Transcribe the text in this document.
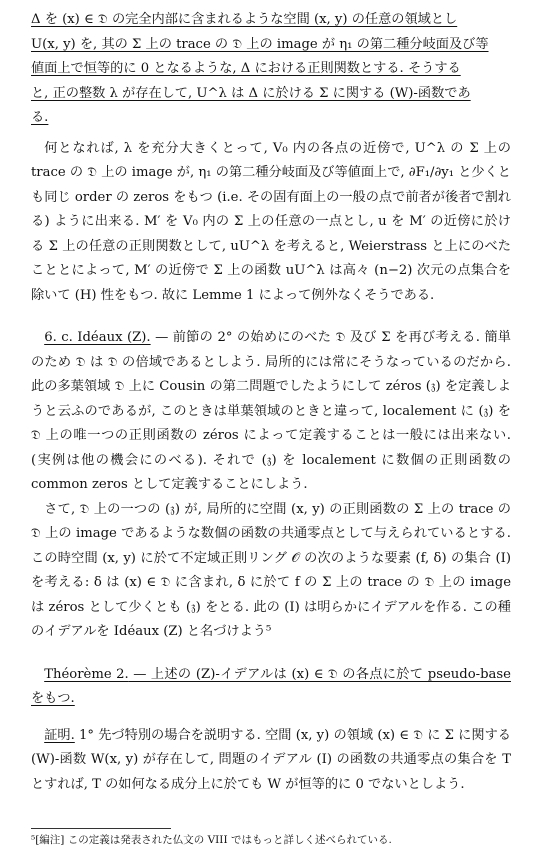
Δ を (x) ∈ 𝔇 の完全内部に含まれるような空間 (x, y) の任意の領域とし

U(x, y) を, 其の Σ 上の trace の 𝔇 上の image が η₁ の第二種分岐面及び等

値面上で恒等的に 0 となるような, Δ における正則関数とする. そうする

と, 正の整数 λ が存在して, U^λ は Δ に於ける Σ に関する (W)-函数であ

る.

何となれば, λ を充分大きくとって, V₀ 内の各点の近傍で, U^λ の Σ 上の trace の 𝔇 上の image が, η₁ の第二種分岐面及び等値面上で, ∂F₁/∂y₁ と少くとも同じ order の zeros をもつ (i.e. その固有面上の一般の点で前者が後者で割れる) ように出来る. M′ を V₀ 内の Σ 上の任意の一点とし, u を M′ の近傍に於ける Σ 上の任意の正則関数として, uU^λ を考えると, Weierstrass と上にのべたこととによって, M′ の近傍で Σ 上の函数 uU^λ は高々 (n−2) 次元の点集合を除いて (H) 性をもつ. 故に Lemme 1 によって例外なくそうである.

6. c. Idéaux (Z). — 前節の 2° の始めにのべた 𝔇 及び Σ を再び考える. 簡単のため 𝔇 は 𝔇 の倍域であるとしよう. 局所的には常にそうなっているのだから. 此の多葉領域 𝔇 上に Cousin の第二問題でしたようにして zéros (𝔷) を定義しようと云ふのであるが, このときは単葉領域のときと違って, localement に (𝔷) を 𝔇 上の唯一つの正則函数の zéros によって定義することは一般には出来ない. (実例は他の機会にのべる). それで (𝔷) を localement に数個の正則函数の common zeros として定義することにしよう.

さて, 𝔇 上の一つの (𝔷) が, 局所的に空間 (x, y) の正則函数の Σ 上の trace の 𝔇 上の image であるような数個の函数の共通零点として与えられているとする. この時空間 (x, y) に於て不定域正則リング 𝒪 の次のような要素 (f, δ) の集合 (I) を考える: δ は (x) ∈ 𝔇 に含まれ, δ に於て f の Σ 上の trace の 𝔇 上の image は zéros として少くとも (𝔷) をとる. 此の (I) は明らかにイデアルを作る. この種のイデアルを Idéaux (Z) と名づけよう⁵

Théorème 2. — 上述の (Z)-イデアルは (x) ∈ 𝔇 の各点に於て pseudo-base をもつ.

証明. 1° 先づ特別の場合を説明する. 空間 (x, y) の領域 (x) ∈ 𝔇 に Σ に関する (W)-函数 W(x, y) が存在して, 問題のイデアル (I) の函数の共通零点の集合を T とすれば, T の如何なる成分上に於ても W が恒等的に 0 でないとしよう.

⁵[編注] この定義は発表された仏文の VIII ではもっと詳しく述べられている.
